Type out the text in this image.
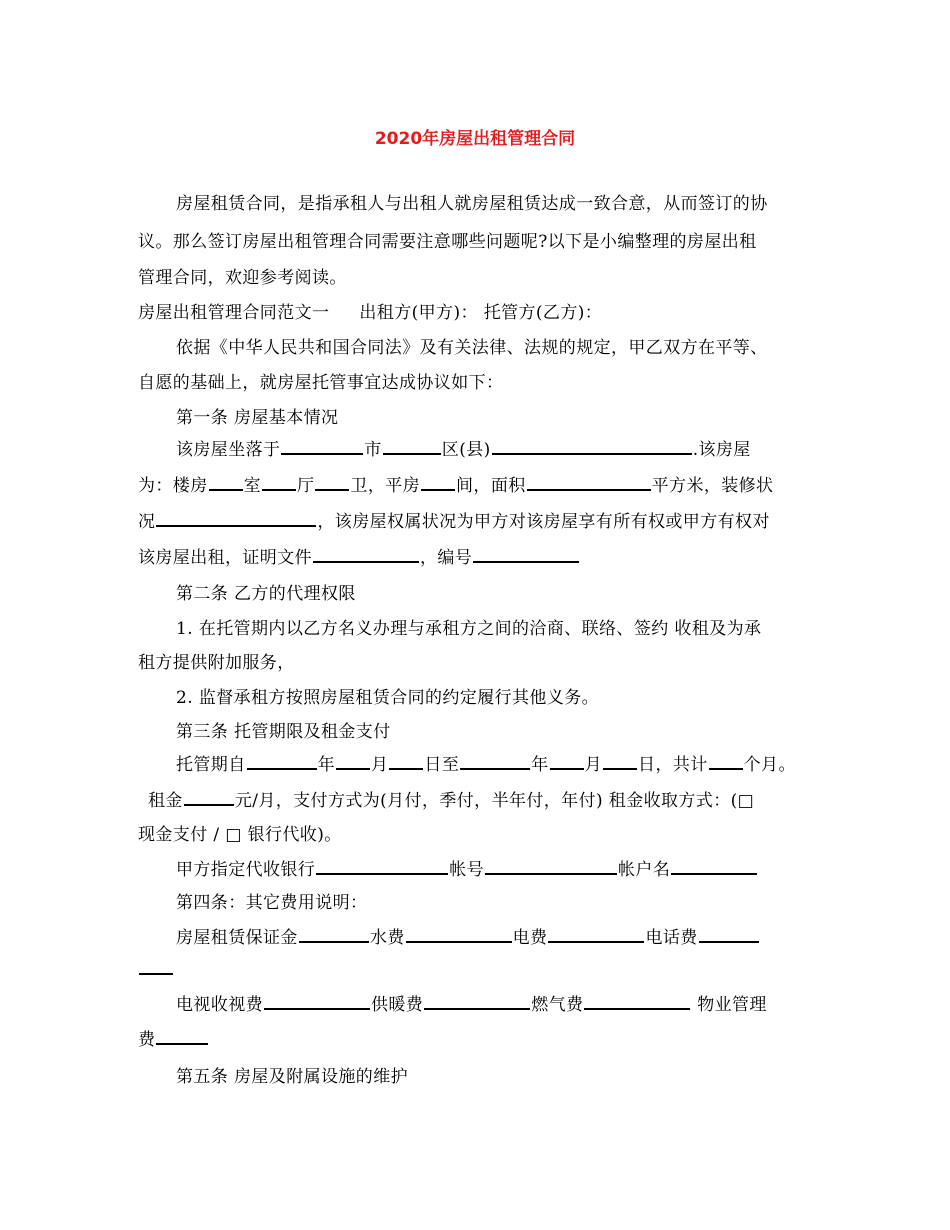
2020年房屋出租管理合同
房屋租赁合同，是指承租人与出租人就房屋租赁达成一致合意，从而签订的协
议。那么签订房屋出租管理合同需要注意哪些问题呢?以下是小编整理的房屋出租
管理合同，欢迎参考阅读。
房屋出租管理合同范文一 出租方(甲方)： 托管方(乙方)：
依据《中华人民共和国合同法》及有关法律、法规的规定，甲乙双方在平等、
自愿的基础上，就房屋托管事宜达成协议如下：
第一条 房屋基本情况
该房屋坐落于	市	区(县)	.该房屋
为：楼房 室 厅 卫，平房 间，面积	平方米，装修状
况	，该房屋权属状况为甲方对该房屋享有所有权或甲方有权对
该房屋出租，证明文件	，编号
第二条 乙方的代理权限
1. 在托管期内以乙方名义办理与承租方之间的洽商、联络、签约 收租及为承
租方提供附加服务，
2. 监督承租方按照房屋租赁合同的约定履行其他义务。
第三条 托管期限及租金支付
托管期自	年 月 日至	年 月 日，共计 个月。
租金	元/月，支付方式为(月付，季付，半年付，年付) 租金收取方式：(□
现金支付 / □ 银行代收)。
甲方指定代收银行	帐号	帐户名
第四条：其它费用说明：
房屋租赁保证金	水费	电费	电话费
电视收视费	供暖费	燃气费	物业管理
费
第五条 房屋及附属设施的维护
